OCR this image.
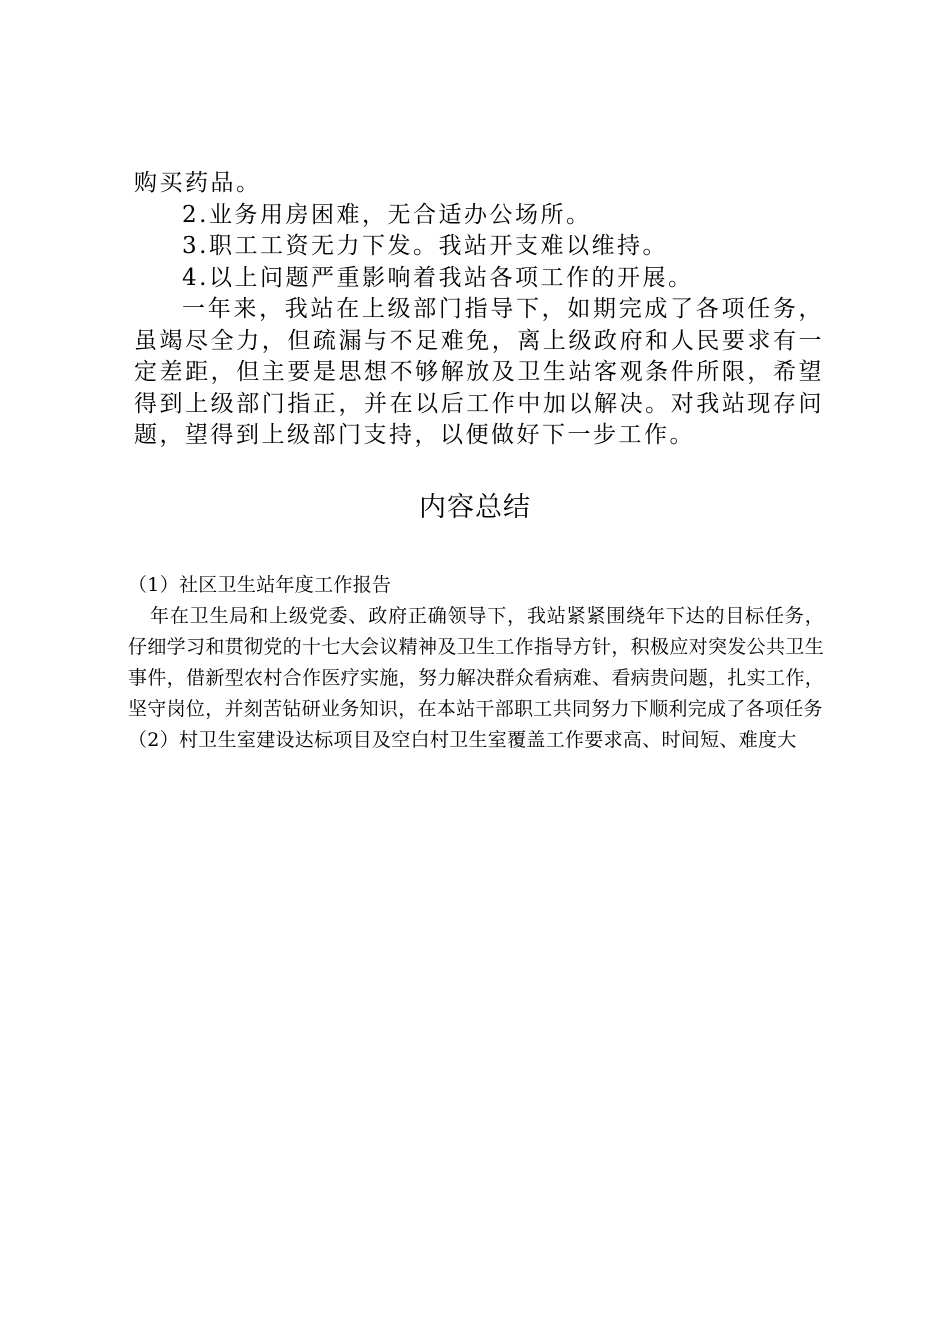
购买药品。

2.业务用房困难，无合适办公场所。

3.职工工资无力下发。我站开支难以维持。

4.以上问题严重影响着我站各项工作的开展。

一年来，我站在上级部门指导下，如期完成了各项任务，虽竭尽全力，但疏漏与不足难免，离上级政府和人民要求有一定差距，但主要是思想不够解放及卫生站客观条件所限，希望得到上级部门指正，并在以后工作中加以解决。对我站现存问题，望得到上级部门支持，以便做好下一步工作。

内容总结

（1）社区卫生站年度工作报告

年在卫生局和上级党委、政府正确领导下，我站紧紧围绕年下达的目标任务，仔细学习和贯彻党的十七大会议精神及卫生工作指导方针，积极应对突发公共卫生事件，借新型农村合作医疗实施，努力解决群众看病难、看病贵问题，扎实工作，坚守岗位，并刻苦钻研业务知识，在本站干部职工共同努力下顺利完成了各项任务

（2）村卫生室建设达标项目及空白村卫生室覆盖工作要求高、时间短、难度大
